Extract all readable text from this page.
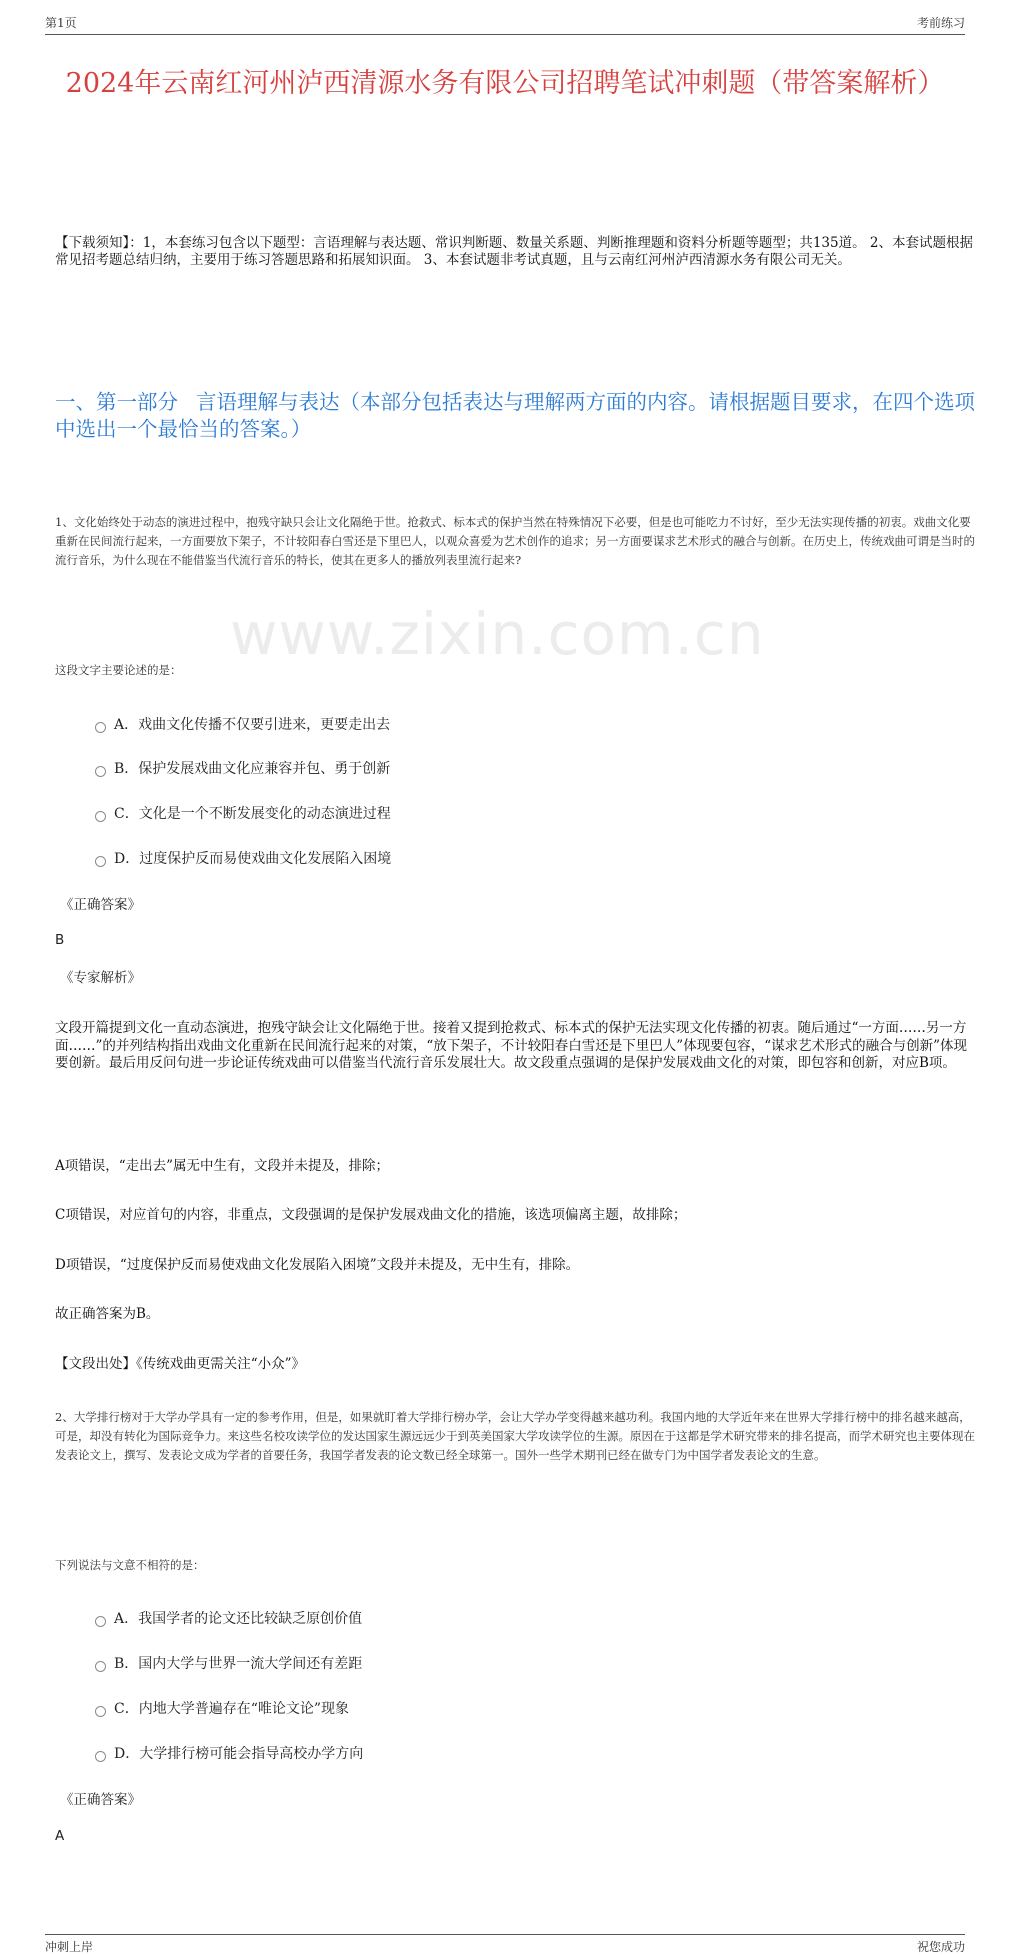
第1页	考前练习
www.zixin.com.cn
2024年云南红河州泸西清源水务有限公司招聘笔试冲刺题（带答案解析）
【下载须知】：1，本套练习包含以下题型：言语理解与表达题、常识判断题、数量关系题、判断推理题和资料分析题等题型；共135道。 2、本套试题根据常见招考题总结归纳，主要用于练习答题思路和拓展知识面。 3、本套试题非考试真题，且与云南红河州泸西清源水务有限公司无关。
一、第一部分 言语理解与表达（本部分包括表达与理解两方面的内容。请根据题目要求，在四个选项中选出一个最恰当的答案。）
1、文化始终处于动态的演进过程中，抱残守缺只会让文化隔绝于世。抢救式、标本式的保护当然在特殊情况下必要，但是也可能吃力不讨好，至少无法实现传播的初衷。戏曲文化要重新在民间流行起来，一方面要放下架子，不计较阳春白雪还是下里巴人，以观众喜爱为艺术创作的追求；另一方面要谋求艺术形式的融合与创新。在历史上，传统戏曲可谓是当时的流行音乐，为什么现在不能借鉴当代流行音乐的特长，使其在更多人的播放列表里流行起来?
这段文字主要论述的是：
A．戏曲文化传播不仅要引进来，更要走出去
B．保护发展戏曲文化应兼容并包、勇于创新
C．文化是一个不断发展变化的动态演进过程
D．过度保护反而易使戏曲文化发展陷入困境
《正确答案》
B
《专家解析》
文段开篇提到文化一直动态演进，抱残守缺会让文化隔绝于世。接着又提到抢救式、标本式的保护无法实现文化传播的初衷。随后通过“一方面……另一方面……”的并列结构指出戏曲文化重新在民间流行起来的对策，“放下架子，不计较阳春白雪还是下里巴人”体现要包容，“谋求艺术形式的融合与创新”体现要创新。最后用反问句进一步论证传统戏曲可以借鉴当代流行音乐发展壮大。故文段重点强调的是保护发展戏曲文化的对策，即包容和创新，对应B项。
A项错误，“走出去”属无中生有，文段并未提及，排除；
C项错误，对应首句的内容，非重点，文段强调的是保护发展戏曲文化的措施，该选项偏离主题，故排除；
D项错误，“过度保护反而易使戏曲文化发展陷入困境”文段并未提及，无中生有，排除。
故正确答案为B。
【文段出处】《传统戏曲更需关注“小众”》
2、大学排行榜对于大学办学具有一定的参考作用，但是，如果就盯着大学排行榜办学，会让大学办学变得越来越功利。我国内地的大学近年来在世界大学排行榜中的排名越来越高，可是，却没有转化为国际竞争力。来这些名校攻读学位的发达国家生源远远少于到英美国家大学攻读学位的生源。原因在于这都是学术研究带来的排名提高，而学术研究也主要体现在发表论文上，撰写、发表论文成为学者的首要任务，我国学者发表的论文数已经全球第一。国外一些学术期刊已经在做专门为中国学者发表论文的生意。
下列说法与文意不相符的是：
A．我国学者的论文还比较缺乏原创价值
B．国内大学与世界一流大学间还有差距
C．内地大学普遍存在“唯论文论”现象
D．大学排行榜可能会指导高校办学方向
《正确答案》
A
冲刺上岸	祝您成功
